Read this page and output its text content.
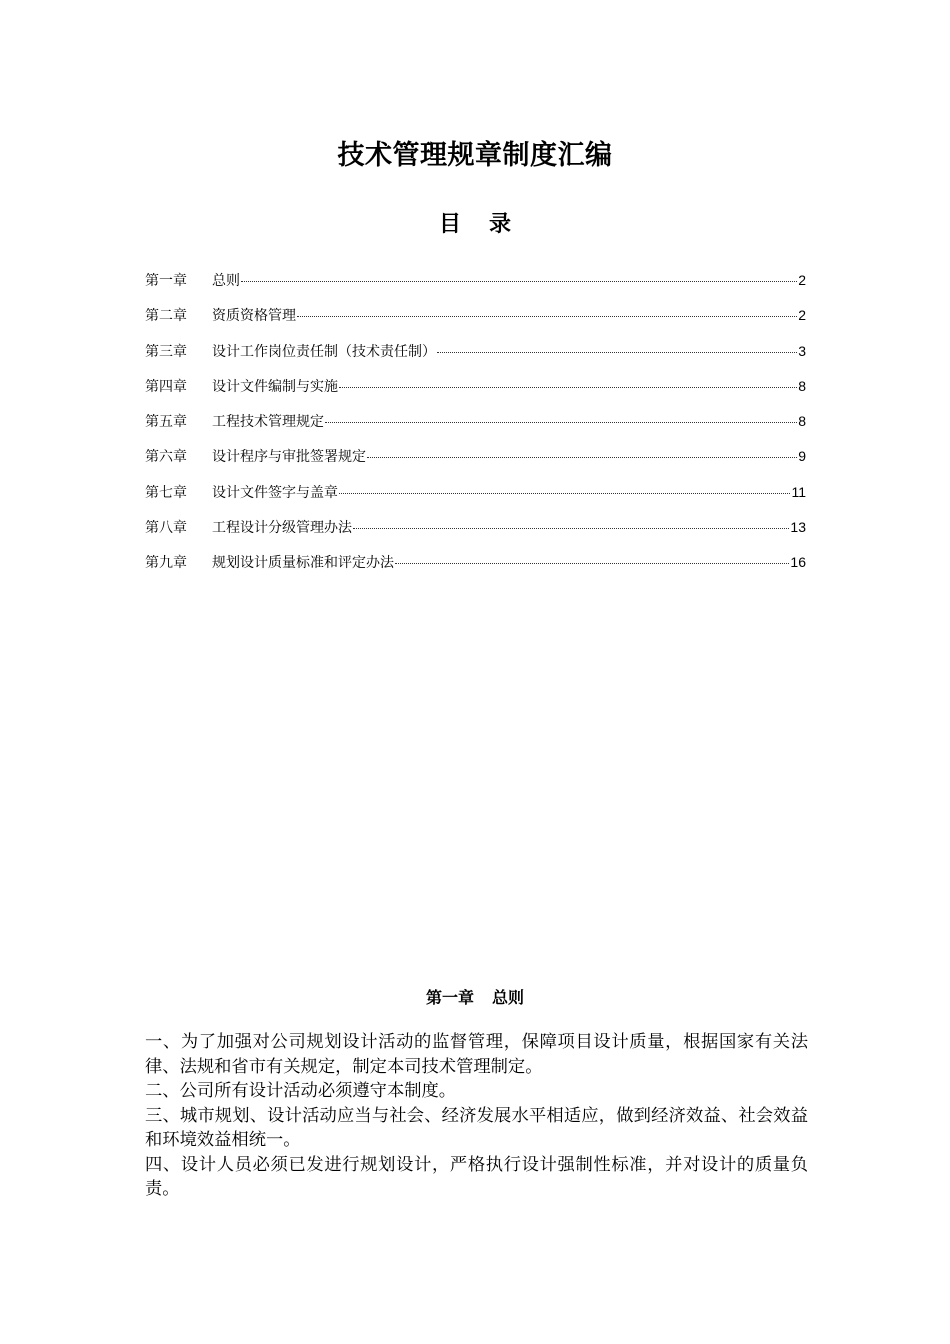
技术管理规章制度汇编
目 录
第一章	总则	2
第二章	资质资格管理	2
第三章	设计工作岗位责任制（技术责任制）	3
第四章	设计文件编制与实施	8
第五章	工程技术管理规定	8
第六章	设计程序与审批签署规定	9
第七章	设计文件签字与盖章	11
第八章	工程设计分级管理办法	13
第九章	规划设计质量标准和评定办法	16
第一章 总则

一、为了加强对公司规划设计活动的监督管理，保障项目设计质量，根据国家有关法律、法规和省市有关规定，制定本司技术管理制定。

二、公司所有设计活动必须遵守本制度。

三、城市规划、设计活动应当与社会、经济发展水平相适应，做到经济效益、社会效益和环境效益相统一。

四、设计人员必须已发进行规划设计，严格执行设计强制性标准，并对设计的质量负责。
